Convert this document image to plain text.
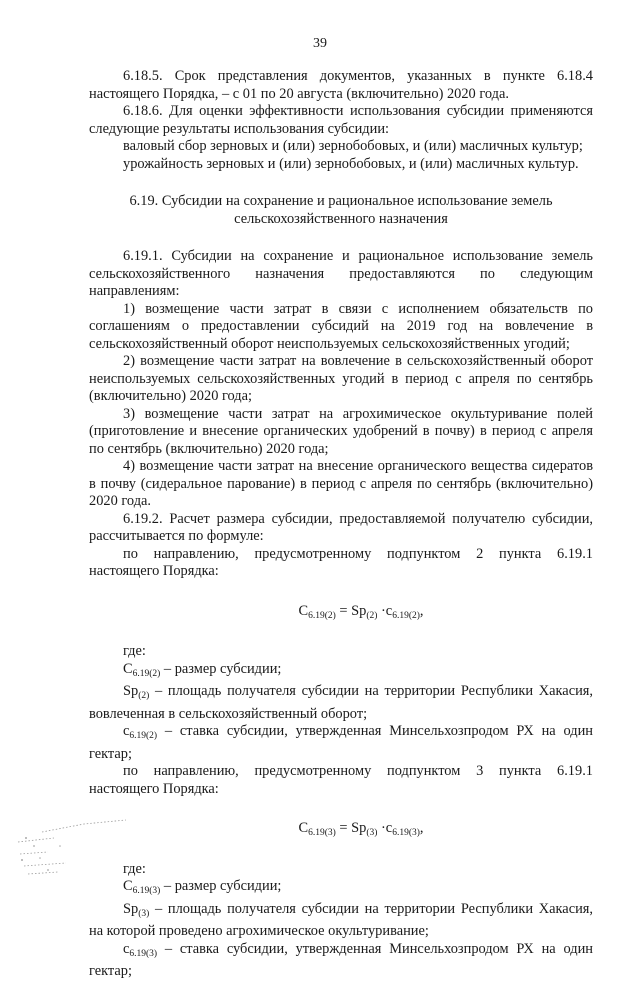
39

6.18.5. Срок представления документов, указанных в пункте 6.18.4 настоящего Порядка, – с 01 по 20 августа (включительно) 2020 года.

6.18.6. Для оценки эффективности использования субсидии применяются следующие результаты использования субсидии:

валовый сбор зерновых и (или) зернобобовых, и (или) масличных культур;

урожайность зерновых и (или) зернобобовых, и (или) масличных культур.

6.19. Субсидии на сохранение и рациональное использование земель
сельскохозяйственного назначения

6.19.1. Субсидии на сохранение и рациональное использование земель сельскохозяйственного назначения предоставляются по следующим направлениям:

1) возмещение части затрат в связи с исполнением обязательств по соглашениям о предоставлении субсидий на 2019 год на вовлечение в сельскохозяйственный оборот неиспользуемых сельскохозяйственных угодий;

2) возмещение части затрат на вовлечение в сельскохозяйственный оборот неиспользуемых сельскохозяйственных угодий в период с апреля по сентябрь (включительно) 2020 года;

3) возмещение части затрат на агрохимическое окультуривание полей (приготовление и внесение органических удобрений в почву) в период с апреля по сентябрь (включительно) 2020 года;

4) возмещение части затрат на внесение органического вещества сидератов в почву (сидеральное парование) в период с апреля по сентябрь (включительно) 2020 года.

6.19.2. Расчет размера субсидии, предоставляемой получателю субсидии, рассчитывается по формуле:

по направлению, предусмотренному подпунктом 2 пункта 6.19.1 настоящего Порядка:

$C_{6.19(2)} = Sp_{(2)} \cdot c_{6.19(2)}$,

где:

$C_{6.19(2)}$ – размер субсидии;

$Sp_{(2)}$ – площадь получателя субсидии на территории Республики Хакасия, вовлеченная в сельскохозяйственный оборот;

$c_{6.19(2)}$ – ставка субсидии, утвержденная Минсельхозпродом РХ на один гектар;

по направлению, предусмотренному подпунктом 3 пункта 6.19.1 настоящего Порядка:

$C_{6.19(3)} = Sp_{(3)} \cdot c_{6.19(3)}$,

где:

$C_{6.19(3)}$ – размер субсидии;

$Sp_{(3)}$ – площадь получателя субсидии на территории Республики Хакасия, на которой проведено агрохимическое окультуривание;

$c_{6.19(3)}$ – ставка субсидии, утвержденная Минсельхозпродом РХ на один гектар;
